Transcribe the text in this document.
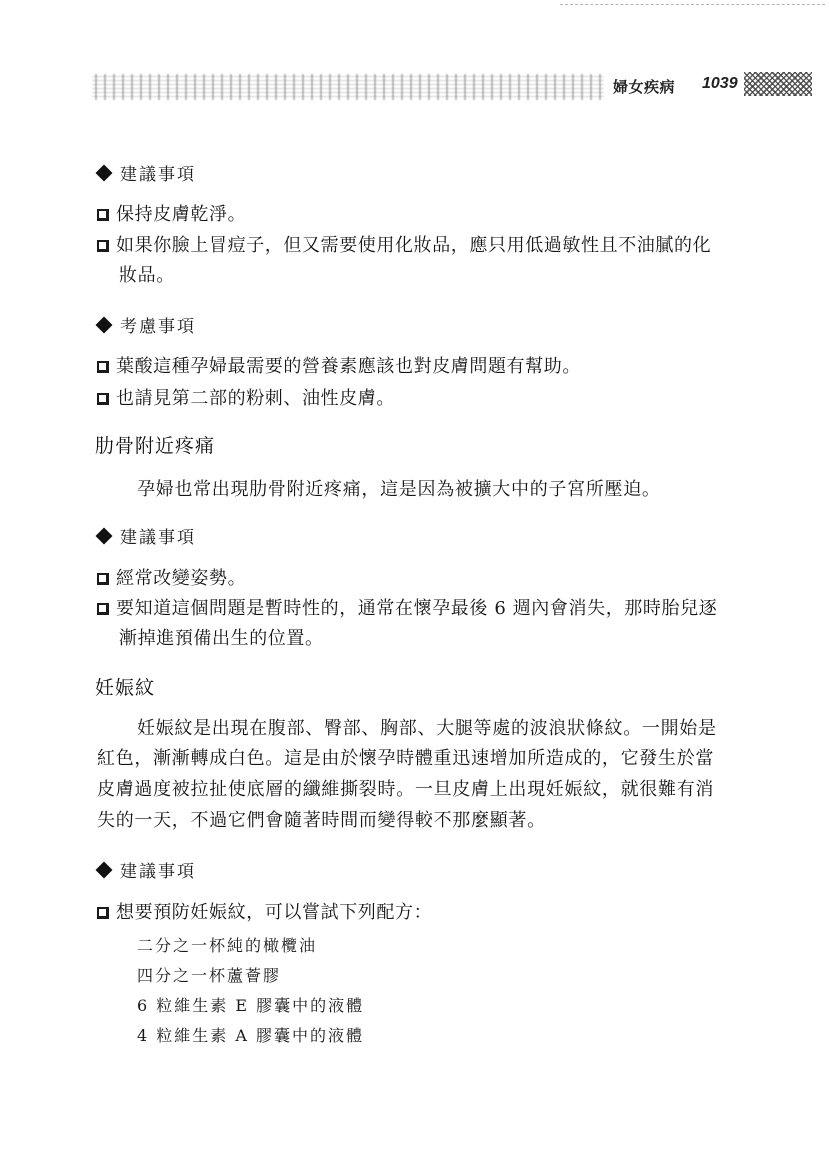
婦女疾病 1039
建議事項
保持皮膚乾淨。
如果你臉上冒痘子，但又需要使用化妝品，應只用低過敏性且不油膩的化
妝品。
考慮事項
葉酸這種孕婦最需要的營養素應該也對皮膚問題有幫助。
也請見第二部的粉刺、油性皮膚。
肋骨附近疼痛
孕婦也常出現肋骨附近疼痛，這是因為被擴大中的子宮所壓迫。
建議事項
經常改變姿勢。
要知道這個問題是暫時性的，通常在懷孕最後 6 週內會消失，那時胎兒逐
漸掉進預備出生的位置。
妊娠紋
妊娠紋是出現在腹部、臀部、胸部、大腿等處的波浪狀條紋。一開始是
紅色，漸漸轉成白色。這是由於懷孕時體重迅速增加所造成的，它發生於當
皮膚過度被拉扯使底層的纖維撕裂時。一旦皮膚上出現妊娠紋，就很難有消
失的一天，不過它們會隨著時間而變得較不那麼顯著。
建議事項
想要預防妊娠紋，可以嘗試下列配方：
二分之一杯純的橄欖油
四分之一杯蘆薈膠
6 粒維生素 E 膠囊中的液體
4 粒維生素 A 膠囊中的液體
